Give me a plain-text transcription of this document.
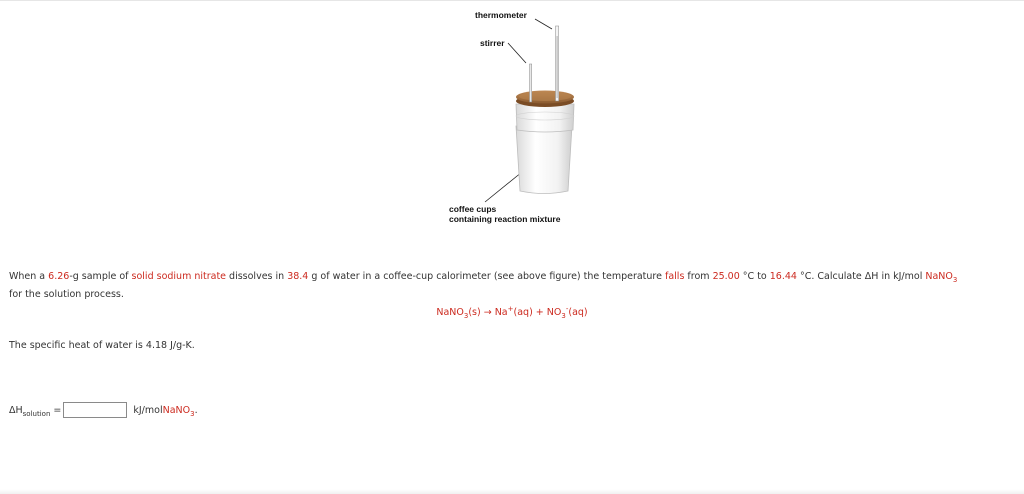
thermometer
stirrer
coffee cups
containing reaction mixture
When a 6.26-g sample of solid sodium nitrate dissolves in 38.4 g of water in a coffee-cup calorimeter (see above figure) the temperature falls from 25.00 °C to 16.44 °C. Calculate ΔH in kJ/mol NaNO$_3$
for the solution process.
NaNO$_3$(s) → $Na^+(aq) + NO_3^-(aq)$
The specific heat of water is 4.18 J/g-K.
$\Delta H_{solution}$ =	kJ/mol NaNO$_3$ .
